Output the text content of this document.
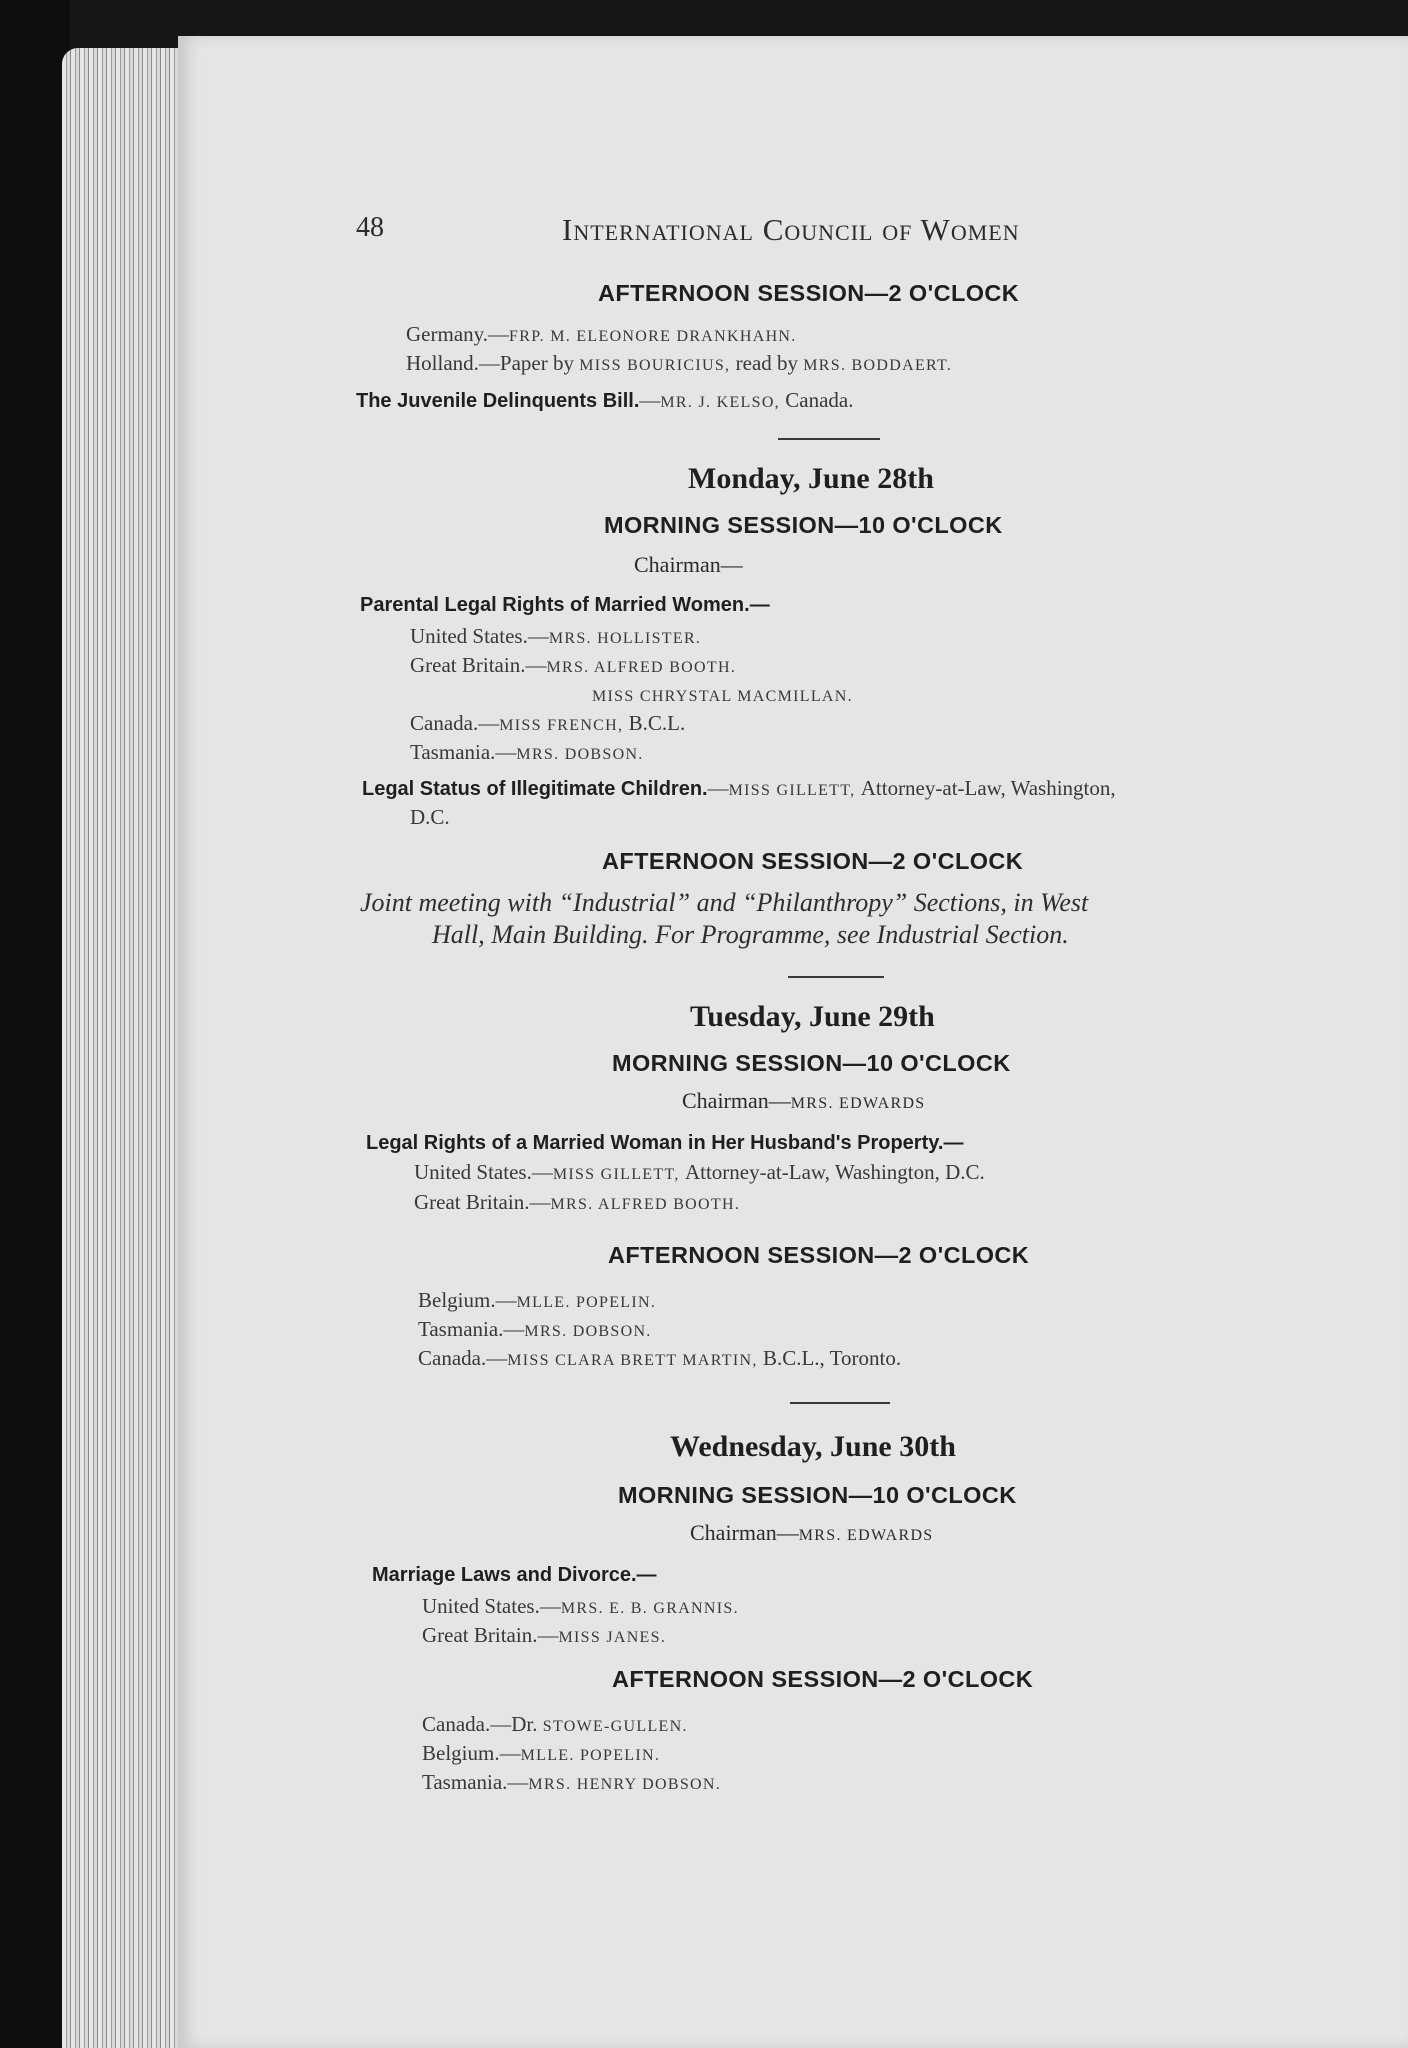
48	International Council of Women
AFTERNOON SESSION—2 O'CLOCK
Germany.—FRP. M. ELEONORE DRANKHAHN.
Holland.—Paper by MISS BOURICIUS, read by MRS. BODDAERT.
The Juvenile Delinquents Bill.—MR. J. KELSO, Canada.
Monday, June 28th
MORNING SESSION—10 O'CLOCK
Chairman—
Parental Legal Rights of Married Women.—
United States.—MRS. HOLLISTER.
Great Britain.—MRS. ALFRED BOOTH.
MISS CHRYSTAL MACMILLAN.
Canada.—MISS FRENCH, B.C.L.
Tasmania.—MRS. DOBSON.
Legal Status of Illegitimate Children.—MISS GILLETT, Attorney-at-Law, Washington,
D.C.
AFTERNOON SESSION—2 O'CLOCK
Joint meeting with “Industrial” and “Philanthropy” Sections, in West
Hall, Main Building. For Programme, see Industrial Section.
Tuesday, June 29th
MORNING SESSION—10 O'CLOCK
Chairman—MRS. EDWARDS
Legal Rights of a Married Woman in Her Husband's Property.—
United States.—MISS GILLETT, Attorney-at-Law, Washington, D.C.
Great Britain.—MRS. ALFRED BOOTH.
AFTERNOON SESSION—2 O'CLOCK
Belgium.—MLLE. POPELIN.
Tasmania.—MRS. DOBSON.
Canada.—MISS CLARA BRETT MARTIN, B.C.L., Toronto.
Wednesday, June 30th
MORNING SESSION—10 O'CLOCK
Chairman—MRS. EDWARDS
Marriage Laws and Divorce.—
United States.—MRS. E. B. GRANNIS.
Great Britain.—MISS JANES.
AFTERNOON SESSION—2 O'CLOCK
Canada.—Dr. STOWE-GULLEN.
Belgium.—MLLE. POPELIN.
Tasmania.—MRS. HENRY DOBSON.
